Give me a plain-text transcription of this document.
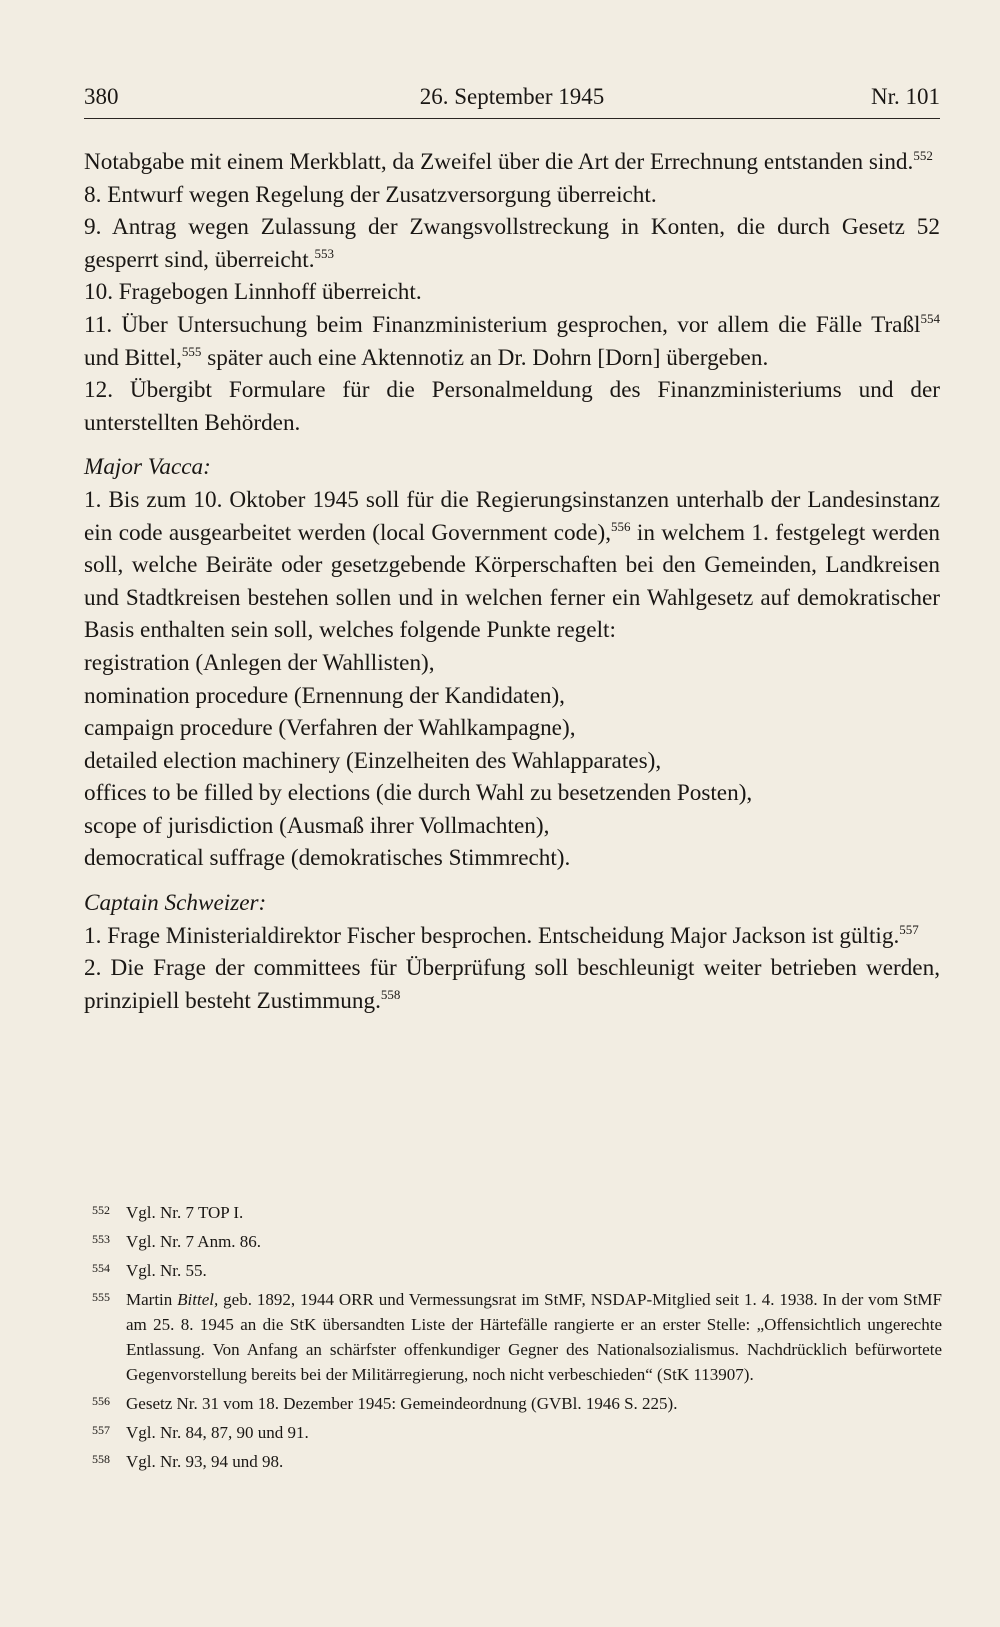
380	26. September 1945	Nr. 101

Notabgabe mit einem Merkblatt, da Zweifel über die Art der Errechnung entstanden sind.$^{552}$

8. Entwurf wegen Regelung der Zusatzversorgung überreicht.

9. Antrag wegen Zulassung der Zwangsvollstreckung in Konten, die durch Gesetz 52 gesperrt sind, überreicht.$^{553}$

10. Fragebogen Linnhoff überreicht.

11. Über Untersuchung beim Finanzministerium gesprochen, vor allem die Fälle Traßl$^{554}$ und Bittel,$^{555}$ später auch eine Aktennotiz an Dr. Dohrn [Dorn] übergeben.

12. Übergibt Formulare für die Personalmeldung des Finanzministeriums und der unterstellten Behörden.

Major Vacca:

1. Bis zum 10. Oktober 1945 soll für die Regierungsinstanzen unterhalb der Landesinstanz ein code ausgearbeitet werden (local Government code),$^{556}$ in welchem 1. festgelegt werden soll, welche Beiräte oder gesetzgebende Körperschaften bei den Gemeinden, Landkreisen und Stadtkreisen bestehen sollen und in welchen ferner ein Wahlgesetz auf demokratischer Basis enthalten sein soll, welches folgende Punkte regelt:

registration (Anlegen der Wahllisten),

nomination procedure (Ernennung der Kandidaten),

campaign procedure (Verfahren der Wahlkampagne),

detailed election machinery (Einzelheiten des Wahlapparates),

offices to be filled by elections (die durch Wahl zu besetzenden Posten),

scope of jurisdiction (Ausmaß ihrer Vollmachten),

democratical suffrage (demokratisches Stimmrecht).

Captain Schweizer:

1. Frage Ministerialdirektor Fischer besprochen. Entscheidung Major Jackson ist gültig.$^{557}$

2. Die Frage der committees für Überprüfung soll beschleunigt weiter betrieben werden, prinzipiell besteht Zustimmung.$^{558}$

552 Vgl. Nr. 7 TOP I.

553 Vgl. Nr. 7 Anm. 86.

554 Vgl. Nr. 55.

555 Martin Bittel, geb. 1892, 1944 ORR und Vermessungsrat im StMF, NSDAP-Mitglied seit 1. 4. 1938. In der vom StMF am 25. 8. 1945 an die StK übersandten Liste der Härtefälle rangierte er an erster Stelle: „Offensichtlich ungerechte Entlassung. Von Anfang an schärfster offenkundiger Gegner des Nationalsozialismus. Nachdrücklich befürwortete Gegenvorstellung bereits bei der Militärregierung, noch nicht verbeschieden“ (StK 113907).

556 Gesetz Nr. 31 vom 18. Dezember 1945: Gemeindeordnung (GVBl. 1946 S. 225).

557 Vgl. Nr. 84, 87, 90 und 91.

558 Vgl. Nr. 93, 94 und 98.
